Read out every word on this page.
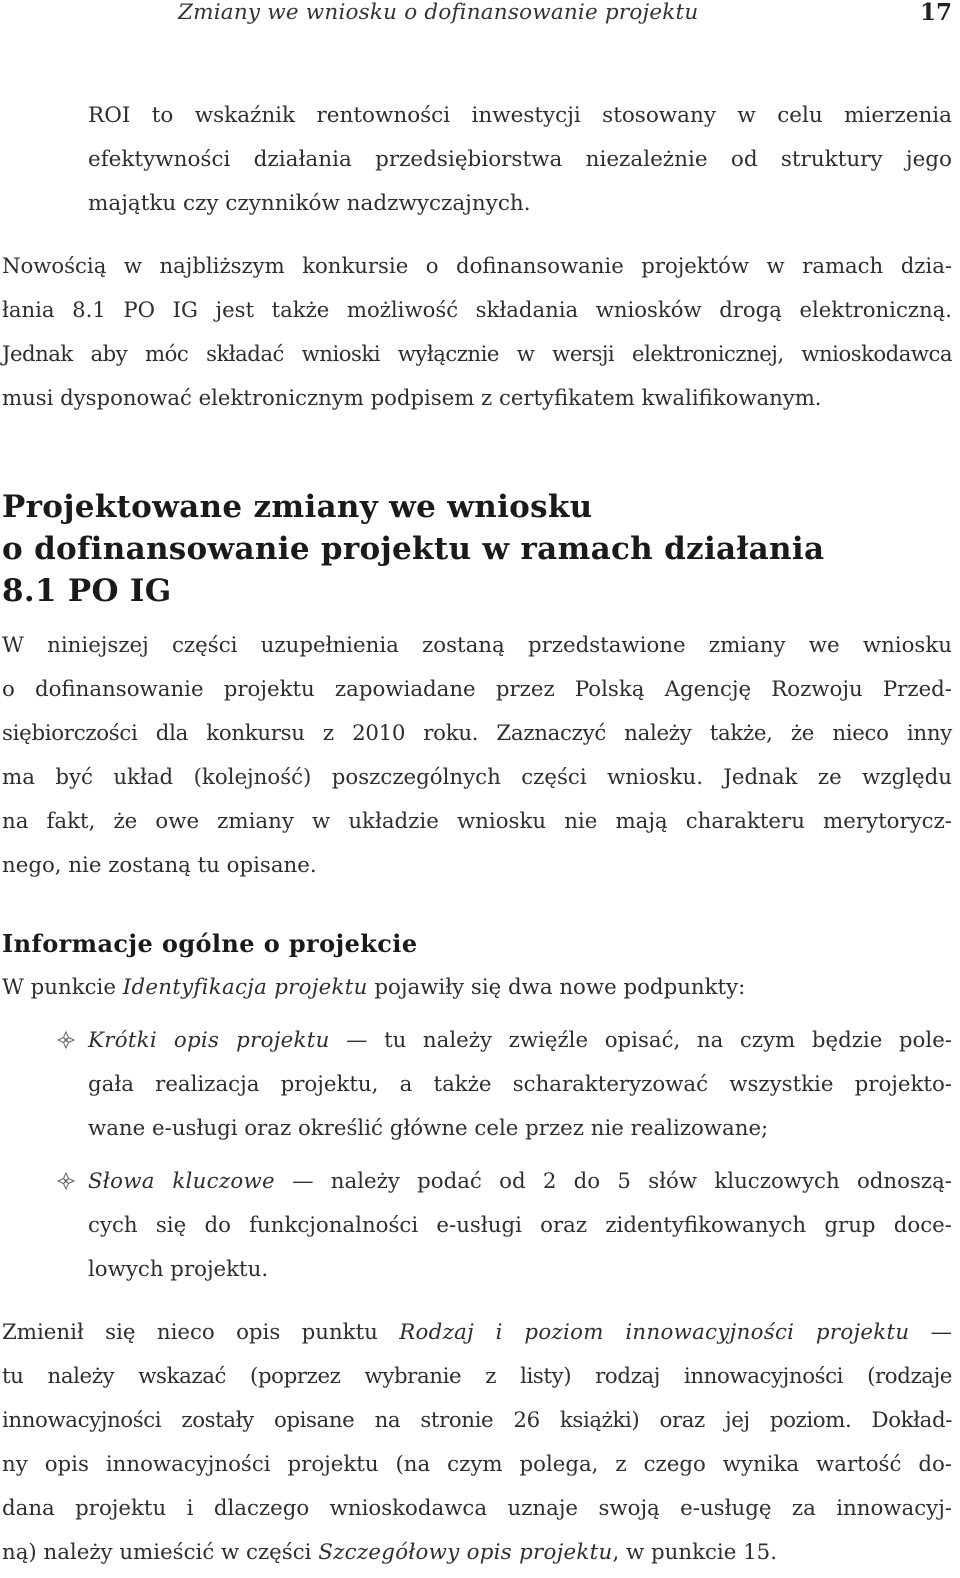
Zmiany we wniosku o dofinansowanie projektu	17
ROI to wskaźnik rentowności inwestycji stosowany w celu mierzenia
efektywności działania przedsiębiorstwa niezależnie od struktury jego
majątku czy czynników nadzwyczajnych.
Nowością w najbliższym konkursie o dofinansowanie projektów w ramach dzia-
łania 8.1 PO IG jest także możliwość składania wniosków drogą elektroniczną.
Jednak aby móc składać wnioski wyłącznie w wersji elektronicznej, wnioskodawca
musi dysponować elektronicznym podpisem z certyfikatem kwalifikowanym.
Projektowane zmiany we wniosku
o dofinansowanie projektu w ramach działania
8.1 PO IG
W niniejszej części uzupełnienia zostaną przedstawione zmiany we wniosku
o dofinansowanie projektu zapowiadane przez Polską Agencję Rozwoju Przed-
siębiorczości dla konkursu z 2010 roku. Zaznaczyć należy także, że nieco inny
ma być układ (kolejność) poszczególnych części wniosku. Jednak ze względu
na fakt, że owe zmiany w układzie wniosku nie mają charakteru merytorycz-
nego, nie zostaną tu opisane.
Informacje ogólne o projekcie
W punkcie Identyfikacja projektu pojawiły się dwa nowe podpunkty:
Krótki opis projektu — tu należy zwięźle opisać, na czym będzie pole-
gała realizacja projektu, a także scharakteryzować wszystkie projekto-
wane e-usługi oraz określić główne cele przez nie realizowane;
Słowa kluczowe — należy podać od 2 do 5 słów kluczowych odnoszą-
cych się do funkcjonalności e-usługi oraz zidentyfikowanych grup doce-
lowych projektu.
Zmienił się nieco opis punktu Rodzaj i poziom innowacyjności projektu —
tu należy wskazać (poprzez wybranie z listy) rodzaj innowacyjności (rodzaje
innowacyjności zostały opisane na stronie 26 książki) oraz jej poziom. Dokład-
ny opis innowacyjności projektu (na czym polega, z czego wynika wartość do-
dana projektu i dlaczego wnioskodawca uznaje swoją e-usługę za innowacyj-
ną) należy umieścić w części Szczegółowy opis projektu, w punkcie 15.
